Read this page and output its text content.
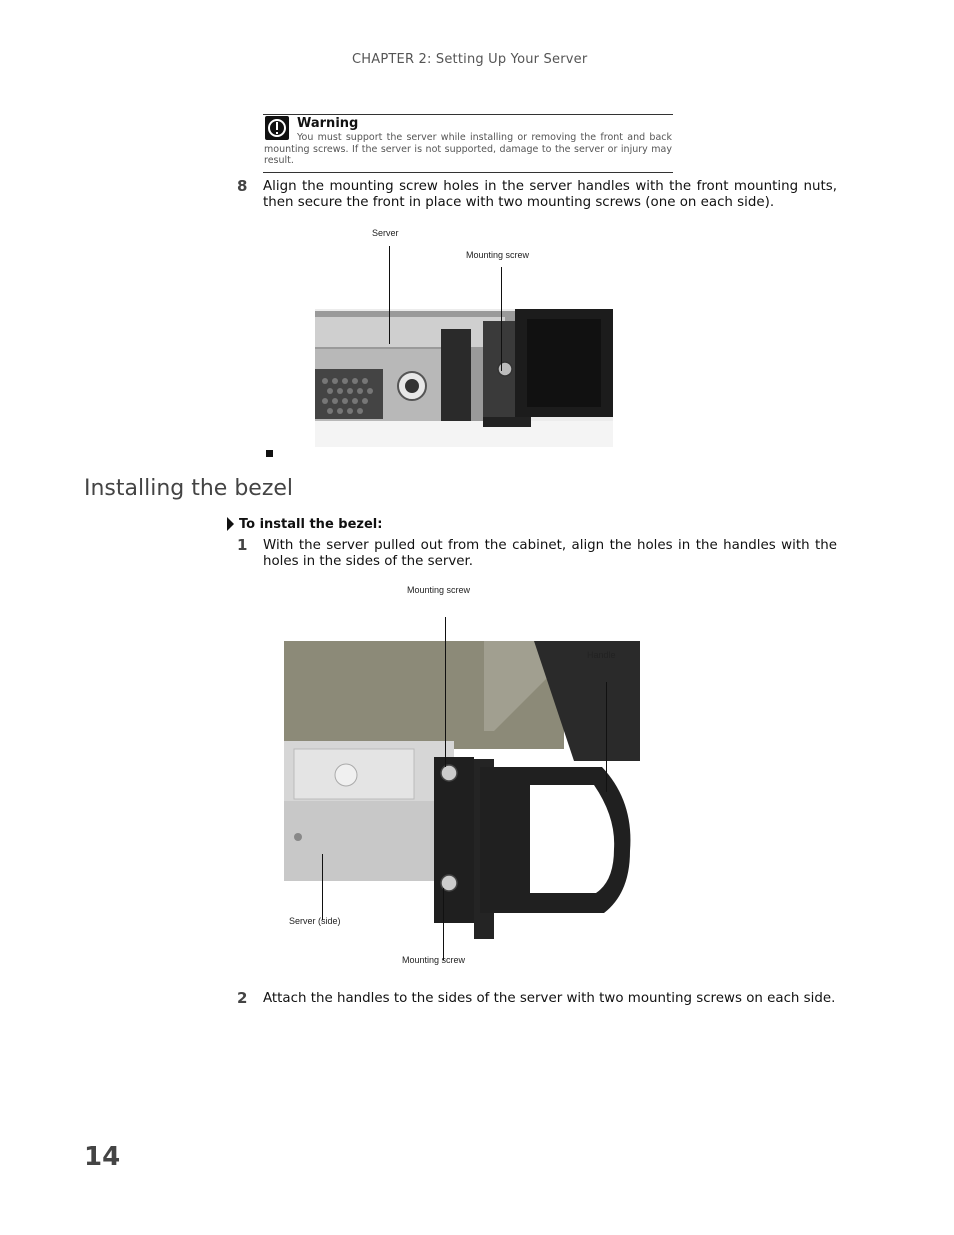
CHAPTER 2: Setting Up Your Server
Warning
You must support the server while installing or removing the front and back mounting screws. If the server is not supported, damage to the server or injury may result.
8 Align the mounting screw holes in the server handles with the front mounting nuts, then secure the front in place with two mounting screws (one on each side).
Server
Mounting screw
Installing the bezel
To install the bezel:
1 With the server pulled out from the cabinet, align the holes in the handles with the holes in the sides of the server.
Mounting screw
Handle
Server (side)
Mounting screw
2 Attach the handles to the sides of the server with two mounting screws on each side.
14
